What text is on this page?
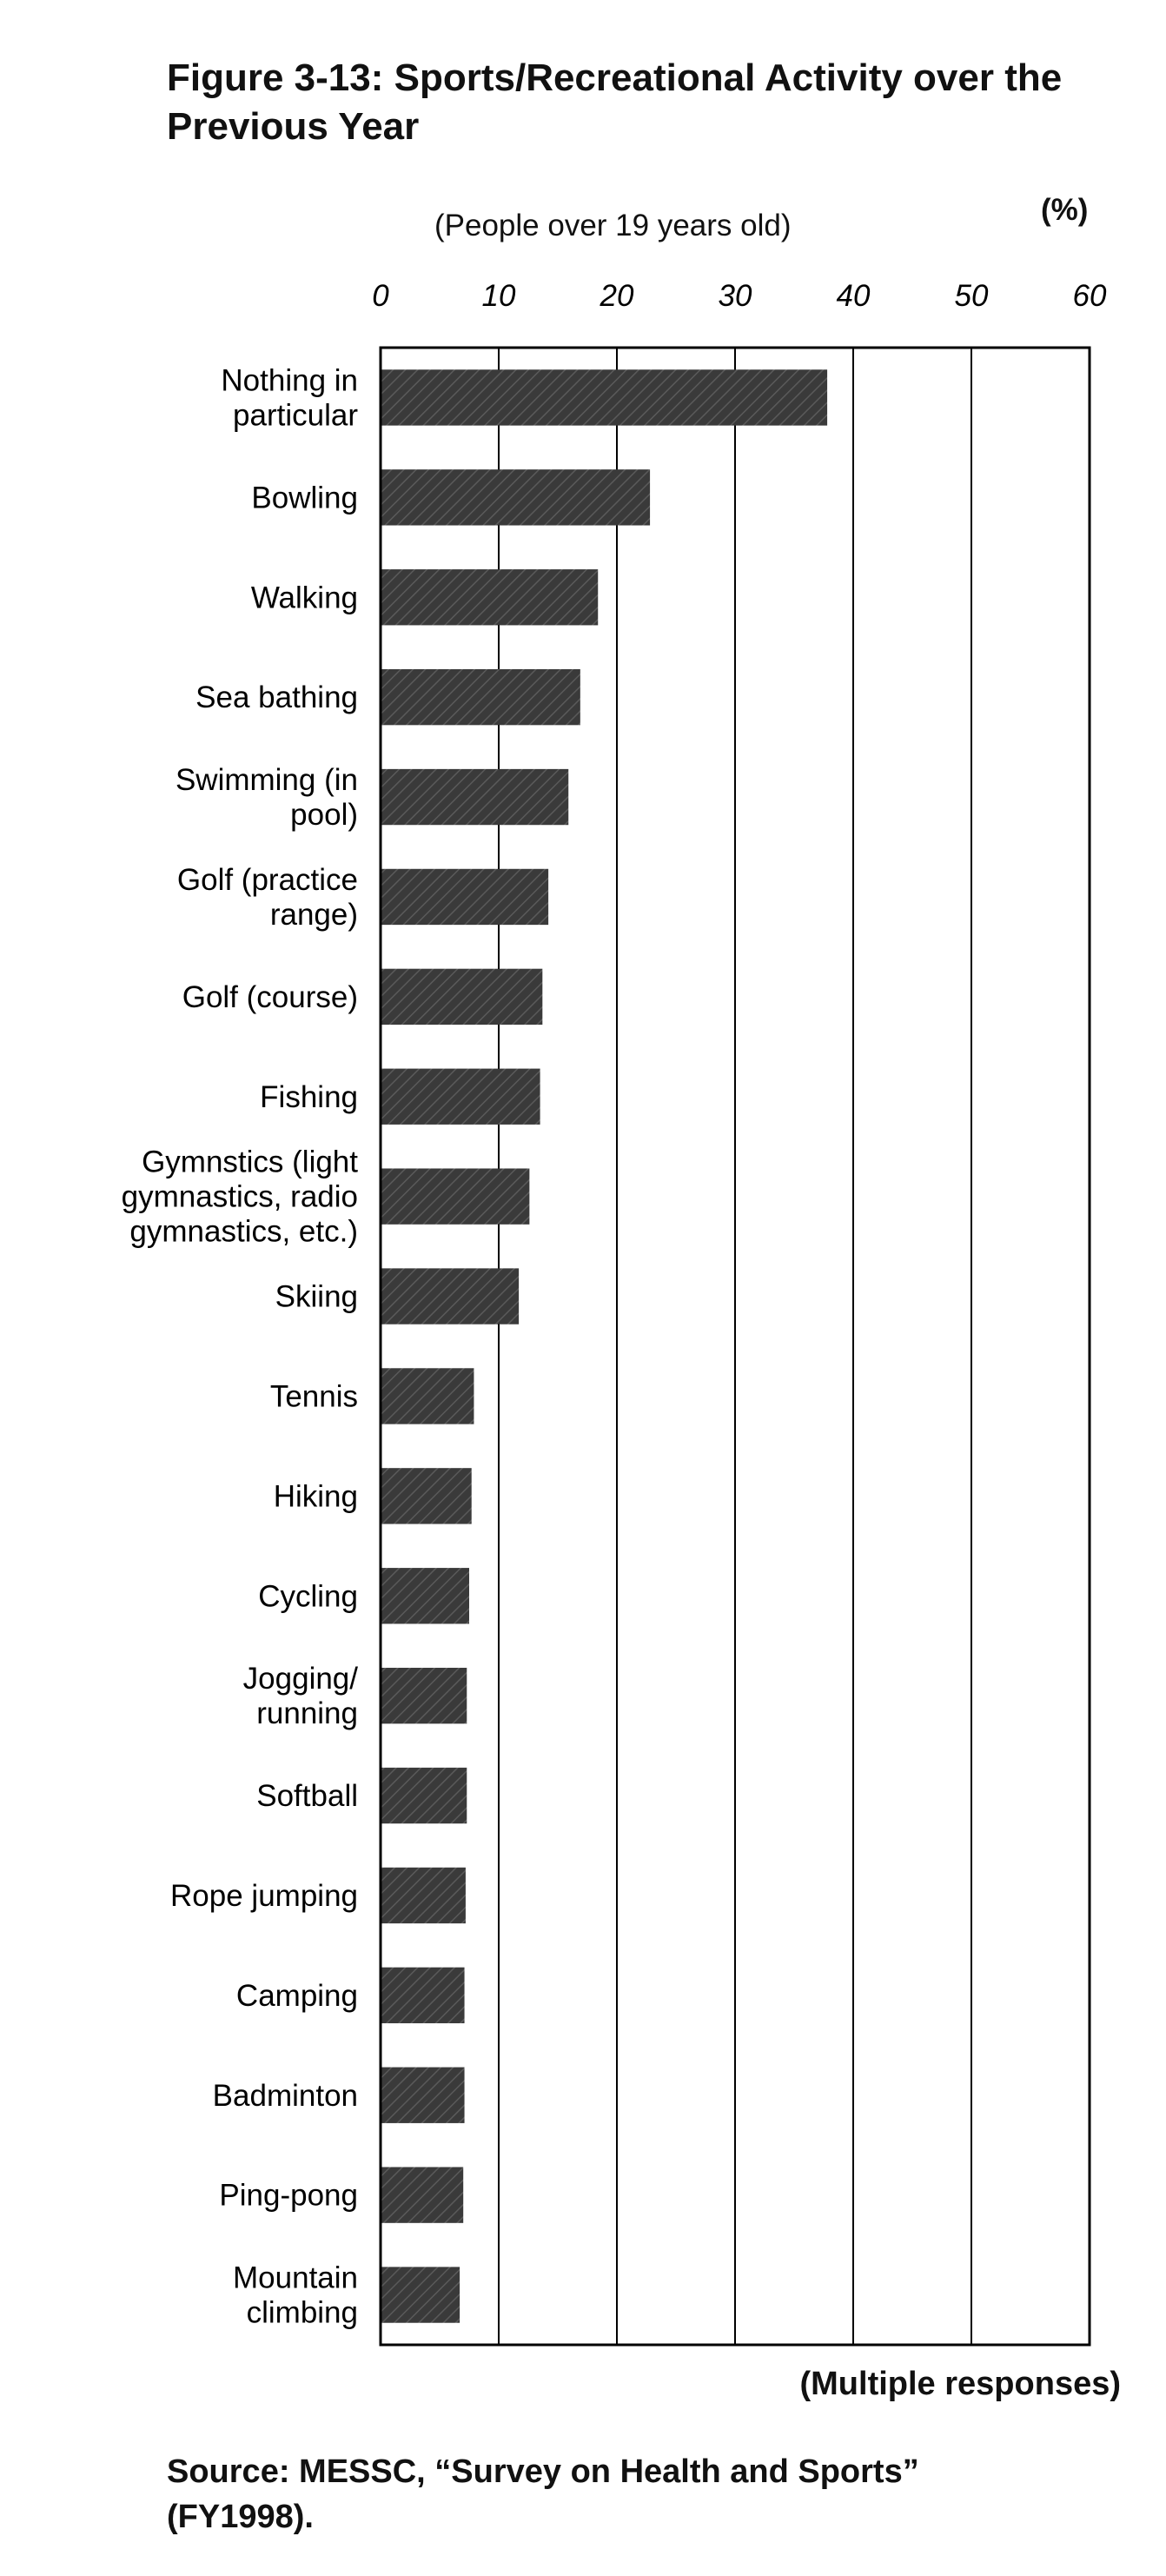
Figure 3-13: Sports/Recreational Activity over the Previous Year
(People over 19 years old)	(%)
Nothing in particular
Bowling
Walking
Sea bathing
Swimming (in pool)
Golf (practice range)
Golf (course)
Fishing
Gymnstics (light gymnastics, radio gymnastics, etc.)
Skiing
Tennis
Hiking
Cycling
Jogging/ running
Softball
Rope jumping
Camping
Badminton
Ping-pong
Mountain climbing
0	10	20	30	40	50	60
(Multiple responses)
Source: MESSC, “Survey on Health and Sports” (FY1998).
